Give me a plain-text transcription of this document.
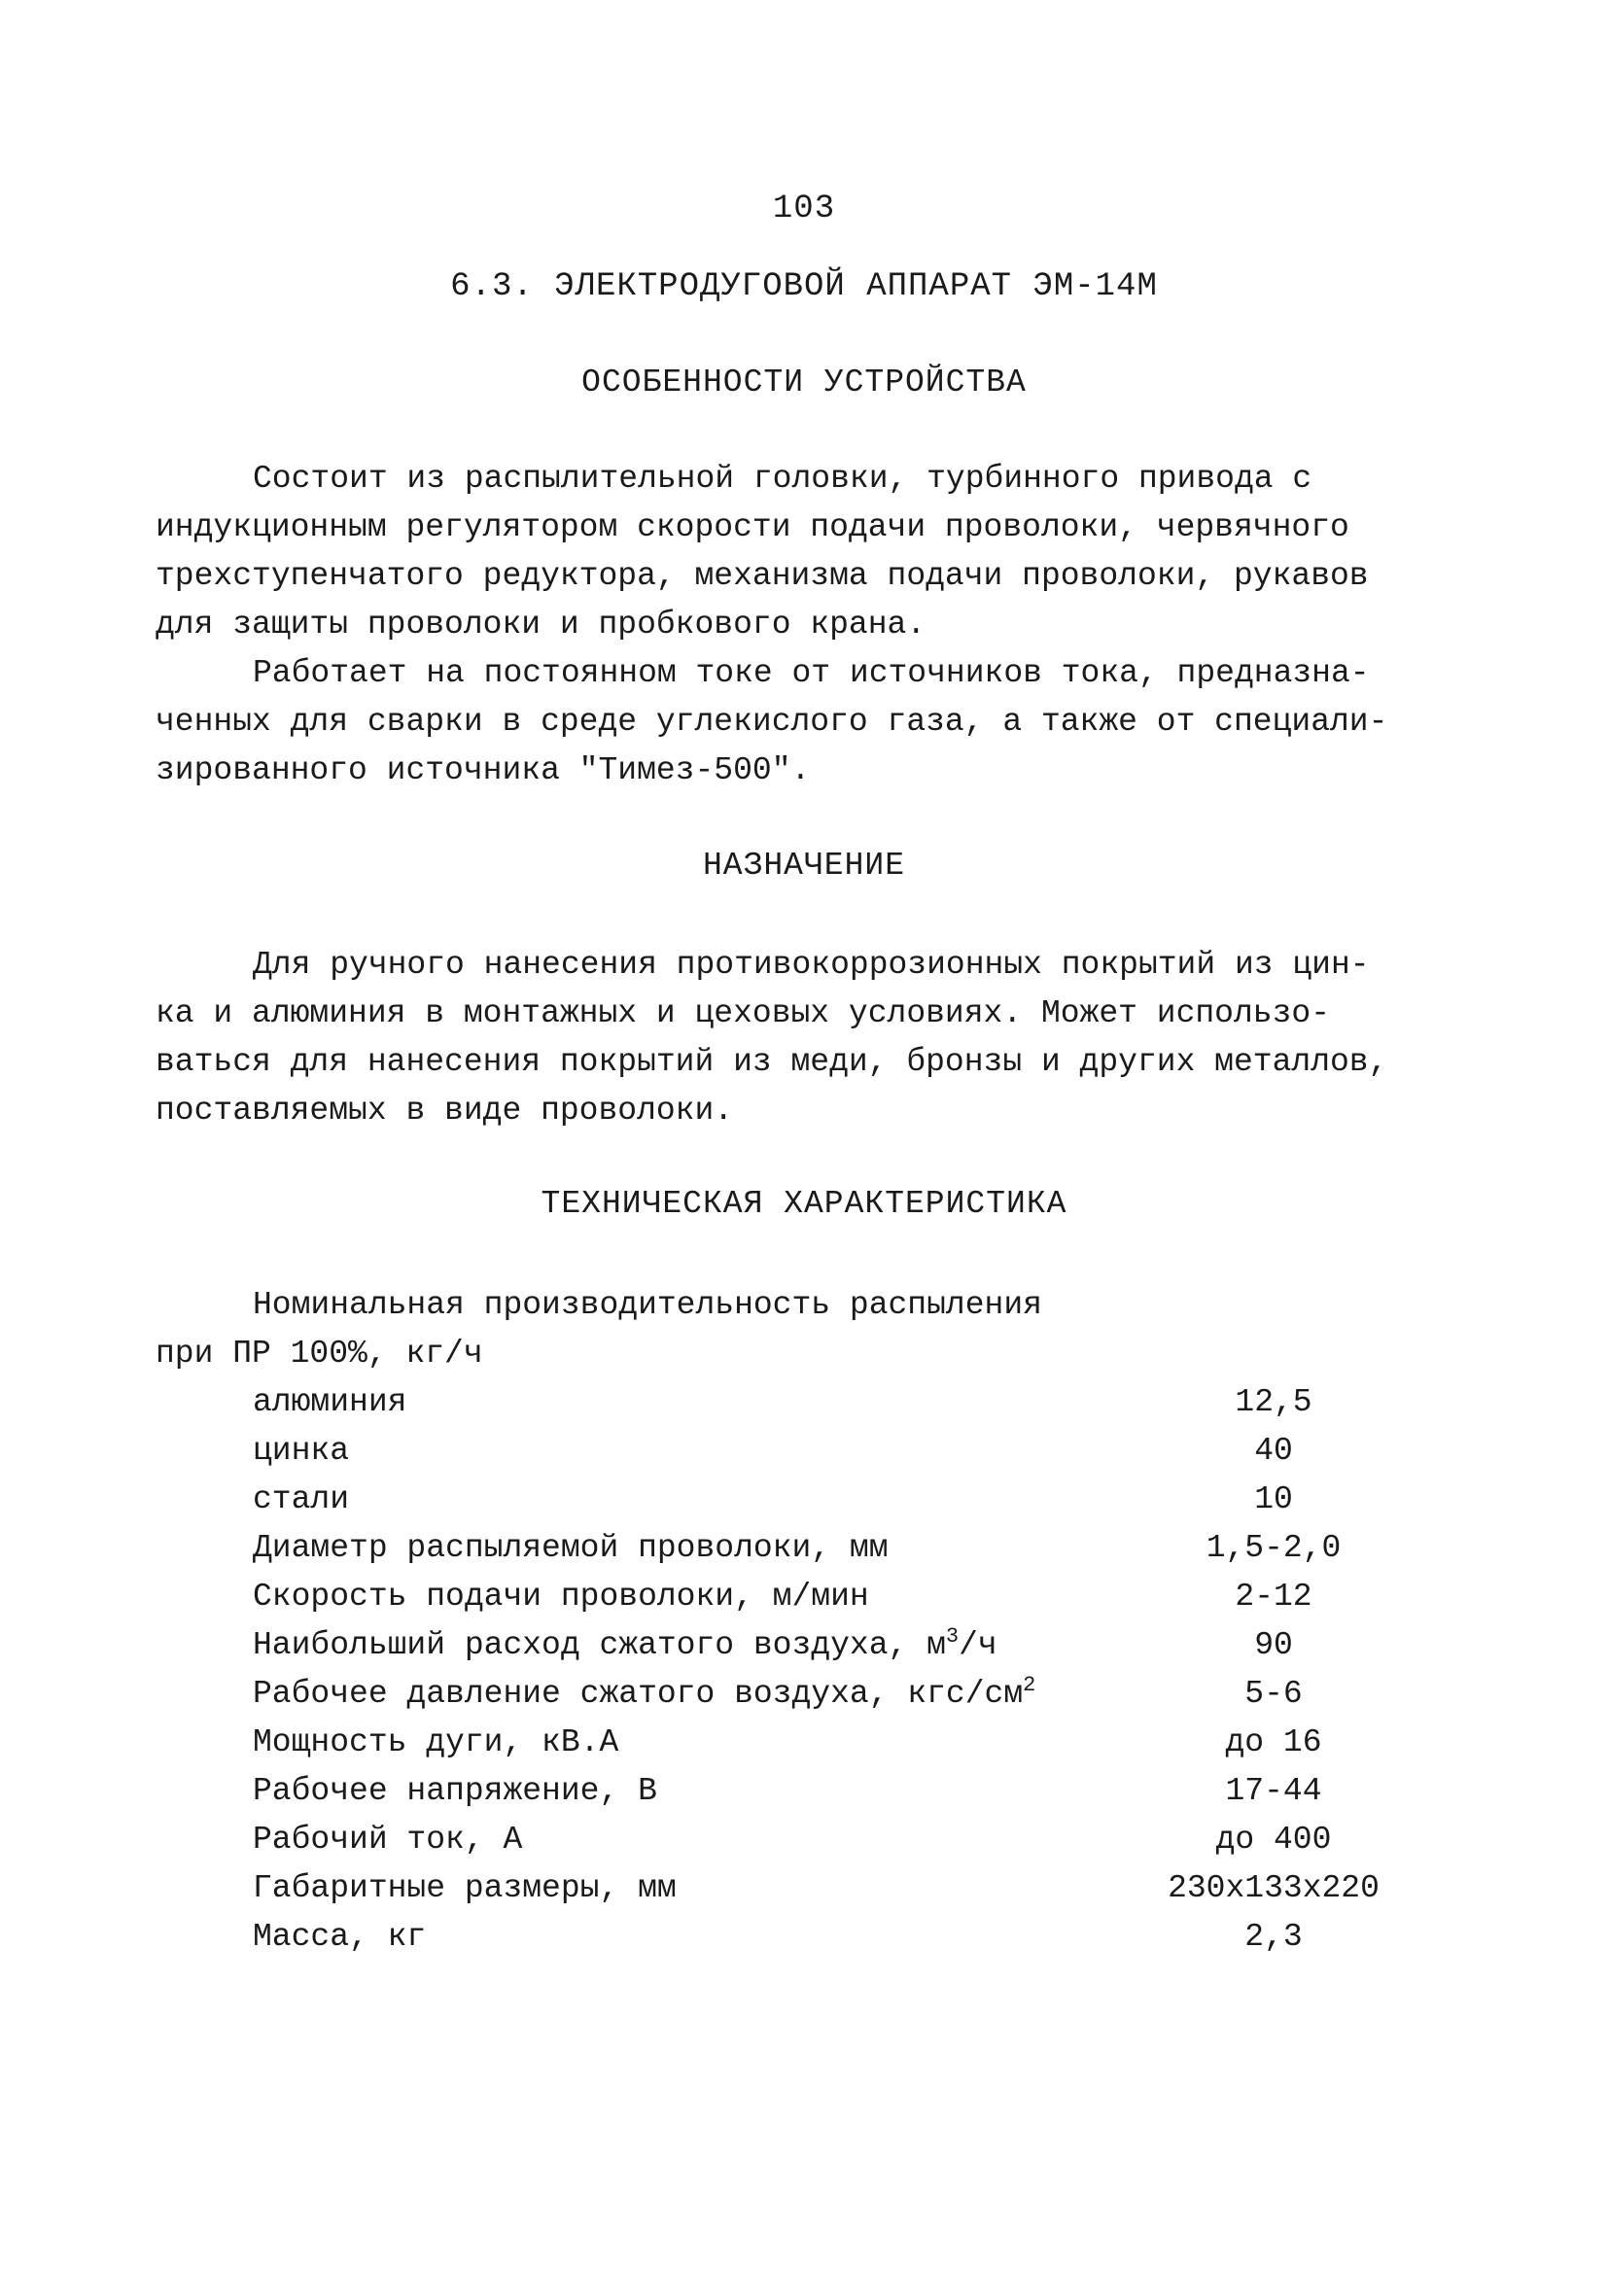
103
6.3. ЭЛЕКТРОДУГОВОЙ АППАРАТ ЭМ-14М
ОСОБЕННОСТИ УСТРОЙСТВА
Состоит из распылительной головки, турбинного привода с
индукционным регулятором скорости подачи проволоки, червячного
трехступенчатого редуктора, механизма подачи проволоки, рукавов
для защиты проволоки и пробкового крана.
Работает на постоянном токе от источников тока, предназна-
ченных для сварки в среде углекислого газа, а также от специали-
зированного источника "Тимез-500".
НАЗНАЧЕНИЕ
Для ручного нанесения противокоррозионных покрытий из цин-
ка и алюминия в монтажных и цеховых условиях. Может использо-
ваться для нанесения покрытий из меди, бронзы и других металлов,
поставляемых в виде проволоки.
ТЕХНИЧЕСКАЯ ХАРАКТЕРИСТИКА
Номинальная производительность распыления
при ПР 100%, кг/ч
алюминия	12,5
цинка	40
стали	10
Диаметр распыляемой проволоки, мм	1,5-2,0
Скорость подачи проволоки, м/мин	2-12
Наибольший расход сжатого воздуха, $м^3/ч$	90
Рабочее давление сжатого воздуха, кгс/$см^2$	5-6
Мощность дуги, кВ.А	до 16
Рабочее напряжение, В	17-44
Рабочий ток, А	до 400
Габаритные размеры, мм	230х133х220
Масса, кг	2,3
